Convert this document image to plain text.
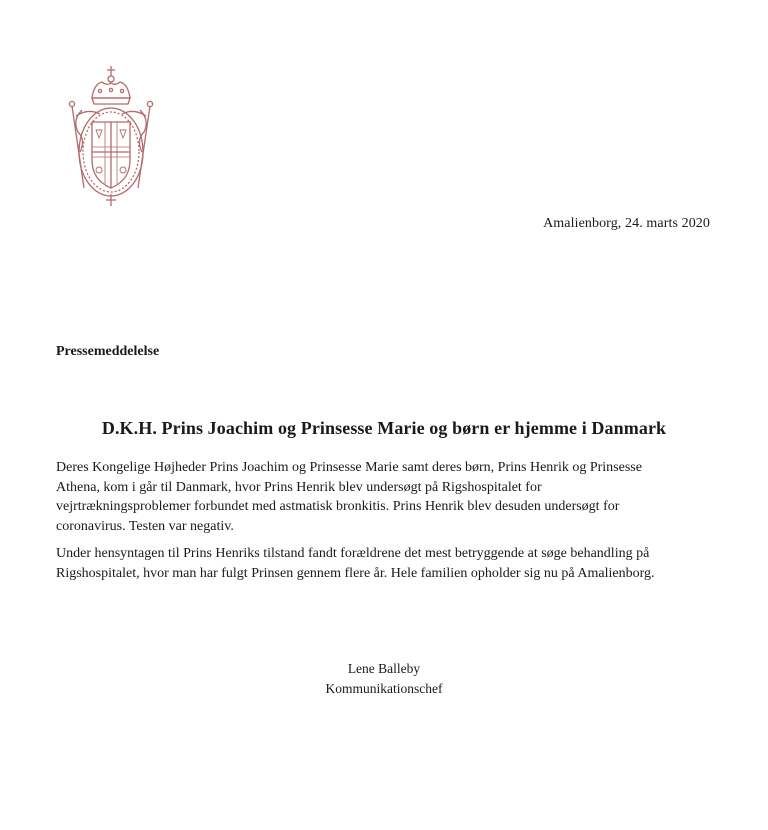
Amalienborg, 24. marts 2020
Pressemeddelelse
D.K.H. Prins Joachim og Prinsesse Marie og børn er hjemme i Danmark
Deres Kongelige Højheder Prins Joachim og Prinsesse Marie samt deres børn, Prins Henrik og Prinsesse
Athena, kom i går til Danmark, hvor Prins Henrik blev undersøgt på Rigshospitalet for
vejrtrækningsproblemer forbundet med astmatisk bronkitis. Prins Henrik blev desuden undersøgt for
coronavirus. Testen var negativ.
Under hensyntagen til Prins Henriks tilstand fandt forældrene det mest betryggende at søge behandling på
Rigshospitalet, hvor man har fulgt Prinsen gennem flere år. Hele familien opholder sig nu på Amalienborg.
Lene Balleby
Kommunikationschef
